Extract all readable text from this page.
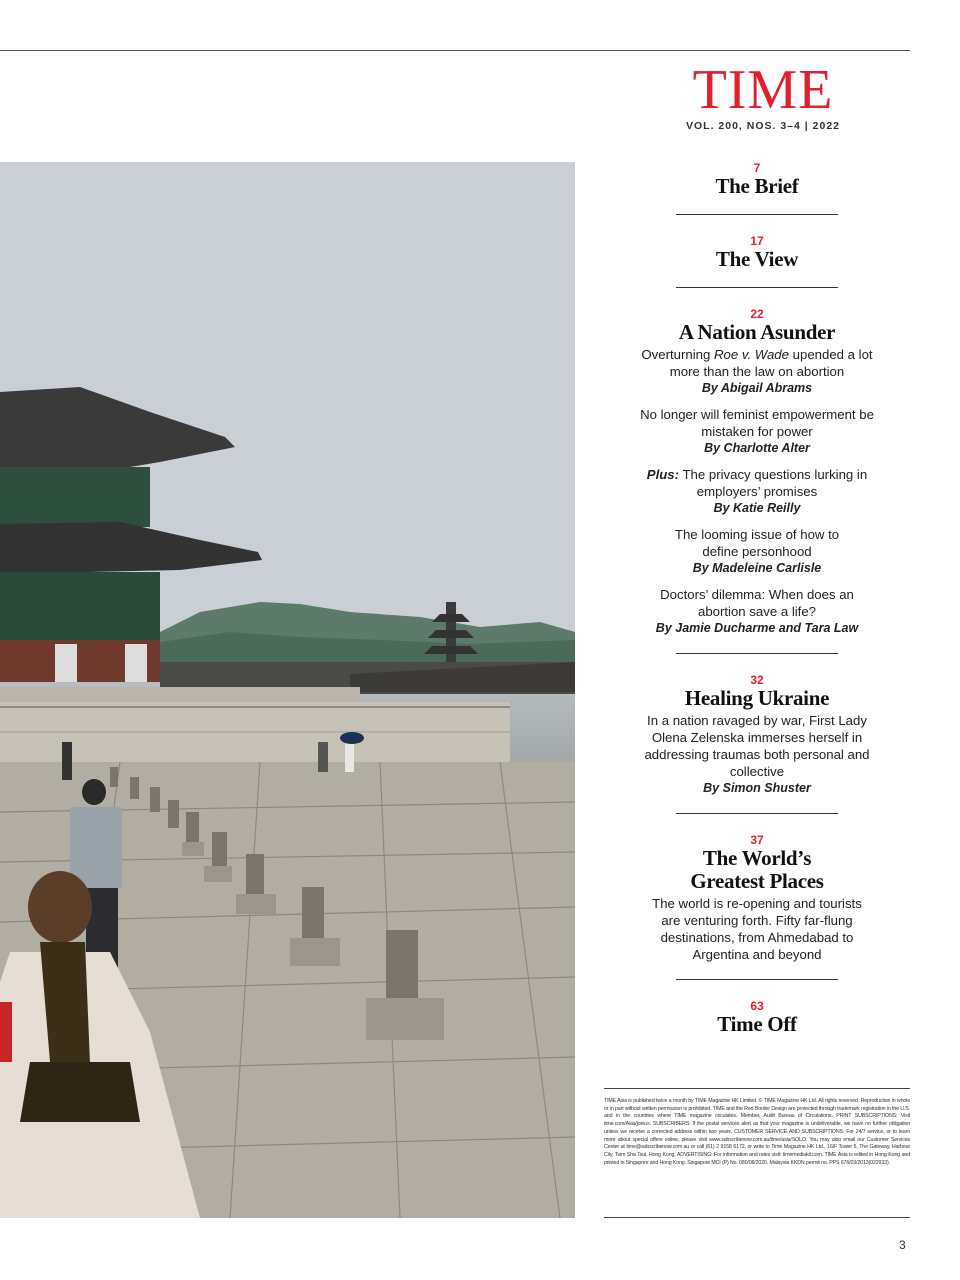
TIME
VOL. 200, NOS. 3–4 | 2022
7
The Brief
17
The View
22
A Nation Asunder
Overturning Roe v. Wade upended a lot more than the law on abortion
By Abigail Abrams
No longer will feminist empowerment be mistaken for power
By Charlotte Alter
Plus: The privacy questions lurking in employers’ promises
By Katie Reilly
The looming issue of how to define personhood
By Madeleine Carlisle
Doctors’ dilemma: When does an abortion save a life?
By Jamie Ducharme and Tara Law
32
Healing Ukraine
In a nation ravaged by war, First Lady Olena Zelenska immerses herself in addressing traumas both personal and collective
By Simon Shuster
37
The World’s Greatest Places
The world is re-opening and tourists are venturing forth. Fifty far-flung destinations, from Ahmedabad to Argentina and beyond
63
Time Off
TIME Asia is published twice a month by TIME Magazine HK Limited. © TIME Magazine HK Ltd. All rights reserved. Reproduction in whole or in part without written permission is prohibited. TIME and the Red Border Design are protected through trademark registration in the U.S. and in the countries where TIME magazine circulates. Member, Audit Bureau of Circulations. PRINT SUBSCRIPTIONS: Visit time.com/Asia/joinus. SUBSCRIBERS: If the postal services alert us that your magazine is undeliverable, we have no further obligation unless we receive a corrected address within two years. CUSTOMER SERVICE AND SUBSCRIPTIONS: For 24/7 service, or to learn more about special offers online, please visit www.subscribenow.com.au/time/asia/SOLO. You may also email our Customer Services Center at time@subscribenow.com.au or call (61) 2 9158 6172, or write to Time Magazine HK Ltd., 16/F Tower 5, The Gateway, Harbour City, Tsim Sha Tsui, Hong Kong. ADVERTISING: For information and rates visit: timemediakit.com. TIME Asia is edited in Hong Kong and printed in Singapore and Hong Kong. Singapore MCI (P) No. 080/08/2020. Malaysia KKDN permit no. PPS 676/03/2013(022933).
3
